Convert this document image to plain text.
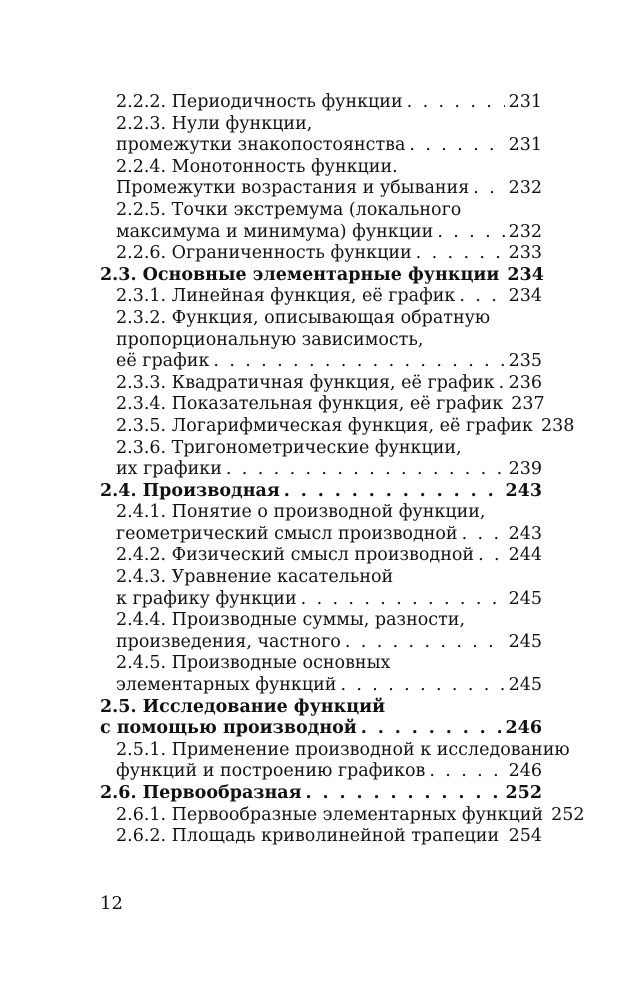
2.2.2. Периодичность функции . . .	231
2.2.3. Нули функции,
промежутки знакопостоянства . . .	231
2.2.4. Монотонность функции.
Промежутки возрастания и убывания . . . 232
2.2.5. Точки экстремума (локального
максимума и минимума) функции . . .	232
2.2.6. Ограниченность функции . . .	233
2.3. Основные элементарные функции 234
2.3.1. Линейная функция, её график . . .	234
2.3.2. Функция, описывающая обратную
пропорциональную зависимость,
её график . . .	235
2.3.3. Квадратичная функция, её график . . . 236
2.3.4. Показательная функция, её график 237
2.3.5. Логарифмическая функция, её график 238
2.3.6. Тригонометрические функции,
их графики . . .	239
2.4. Производная . . .	243
2.4.1. Понятие о производной функции,
геометрический смысл производной . . .	243
2.4.2. Физический смысл производной . . . 244
2.4.3. Уравнение касательной
к графику функции . . .	245
2.4.4. Производные суммы, разности,
произведения, частного . . .	245
2.4.5. Производные основных
элементарных функций . . .	245
2.5. Исследование функций
с помощью производной . . .	246
2.5.1. Применение производной к исследованию
функций и построению графиков . . .	246
2.6. Первообразная . . .	252
2.6.1. Первообразные элементарных функций 252
2.6.2. Площадь криволинейной трапеции . . . 254
12
